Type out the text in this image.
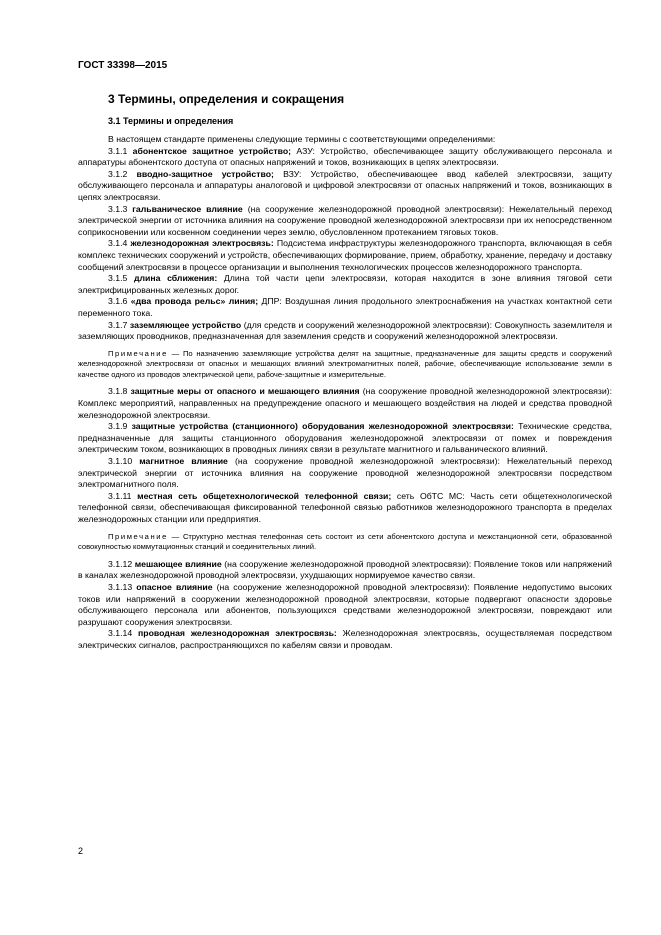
ГОСТ 33398—2015
3 Термины, определения и сокращения
3.1 Термины и определения

В настоящем стандарте применены следующие термины с соответствующими определениями:

3.1.1 абонентское защитное устройство; АЗУ: Устройство, обеспечивающее защиту обслуживающего персонала и аппаратуры абонентского доступа от опасных напряжений и токов, возникающих в цепях электросвязи.

3.1.2 вводно-защитное устройство; ВЗУ: Устройство, обеспечивающее ввод кабелей электросвязи, защиту обслуживающего персонала и аппаратуры аналоговой и цифровой электросвязи от опасных напряжений и токов, возникающих в цепях электросвязи.

3.1.3 гальваническое влияние (на сооружение железнодорожной проводной электросвязи): Нежелательный переход электрической энергии от источника влияния на сооружение проводной железнодорожной электросвязи при их непосредственном соприкосновении или косвенном соединении через землю, обусловленном протеканием тяговых токов.

3.1.4 железнодорожная электросвязь: Подсистема инфраструктуры железнодорожного транспорта, включающая в себя комплекс технических сооружений и устройств, обеспечивающих формирование, прием, обработку, хранение, передачу и доставку сообщений электросвязи в процессе организации и выполнения технологических процессов железнодорожного транспорта.

3.1.5 длина сближения: Длина той части цепи электросвязи, которая находится в зоне влияния тяговой сети электрифицированных железных дорог.

3.1.6 «два провода рельс» линия; ДПР: Воздушная линия продольного электроснабжения на участках контактной сети переменного тока.

3.1.7 заземляющее устройство (для средств и сооружений железнодорожной электросвязи): Совокупность заземлителя и заземляющих проводников, предназначенная для заземления средств и сооружений железнодорожной электросвязи.

Примечание — По назначению заземляющие устройства делят на защитные, предназначенные для защиты средств и сооружений железнодорожной электросвязи от опасных и мешающих влияний электромагнитных полей, рабочие, обеспечивающие использование земли в качестве одного из проводов электрической цепи, рабоче-защитные и измерительные.

3.1.8 защитные меры от опасного и мешающего влияния (на сооружение проводной железнодорожной электросвязи): Комплекс мероприятий, направленных на предупреждение опасного и мешающего воздействия на людей и средства проводной железнодорожной электросвязи.

3.1.9 защитные устройства (станционного) оборудования железнодорожной электросвязи: Технические средства, предназначенные для защиты станционного оборудования железнодорожной электросвязи от помех и повреждения электрическим током, возникающих в проводных линиях связи в результате магнитного и гальванического влияний.

3.1.10 магнитное влияние (на сооружение проводной железнодорожной электросвязи): Нежелательный переход электрической энергии от источника влияния на сооружение проводной железнодорожной электросвязи посредством электромагнитного поля.

3.1.11 местная сеть общетехнологической телефонной связи; сеть ОбТС МС: Часть сети общетехнологической телефонной связи, обеспечивающая фиксированной телефонной связью работников железнодорожного транспорта в пределах железнодорожных станции или предприятия.

Примечание — Структурно местная телефонная сеть состоит из сети абонентского доступа и межстанционной сети, образованной совокупностью коммутационных станций и соединительных линий.

3.1.12 мешающее влияние (на сооружение железнодорожной проводной электросвязи): Появление токов или напряжений в каналах железнодорожной проводной электросвязи, ухудшающих нормируемое качество связи.

3.1.13 опасное влияние (на сооружение железнодорожной проводной электросвязи): Появление недопустимо высоких токов или напряжений в сооружении железнодорожной проводной электросвязи, которые подвергают опасности здоровье обслуживающего персонала или абонентов, пользующихся средствами железнодорожной электросвязи, повреждают или разрушают сооружения электросвязи.

3.1.14 проводная железнодорожная электросвязь: Железнодорожная электросвязь, осуществляемая посредством электрических сигналов, распространяющихся по кабелям связи и проводам.

2
